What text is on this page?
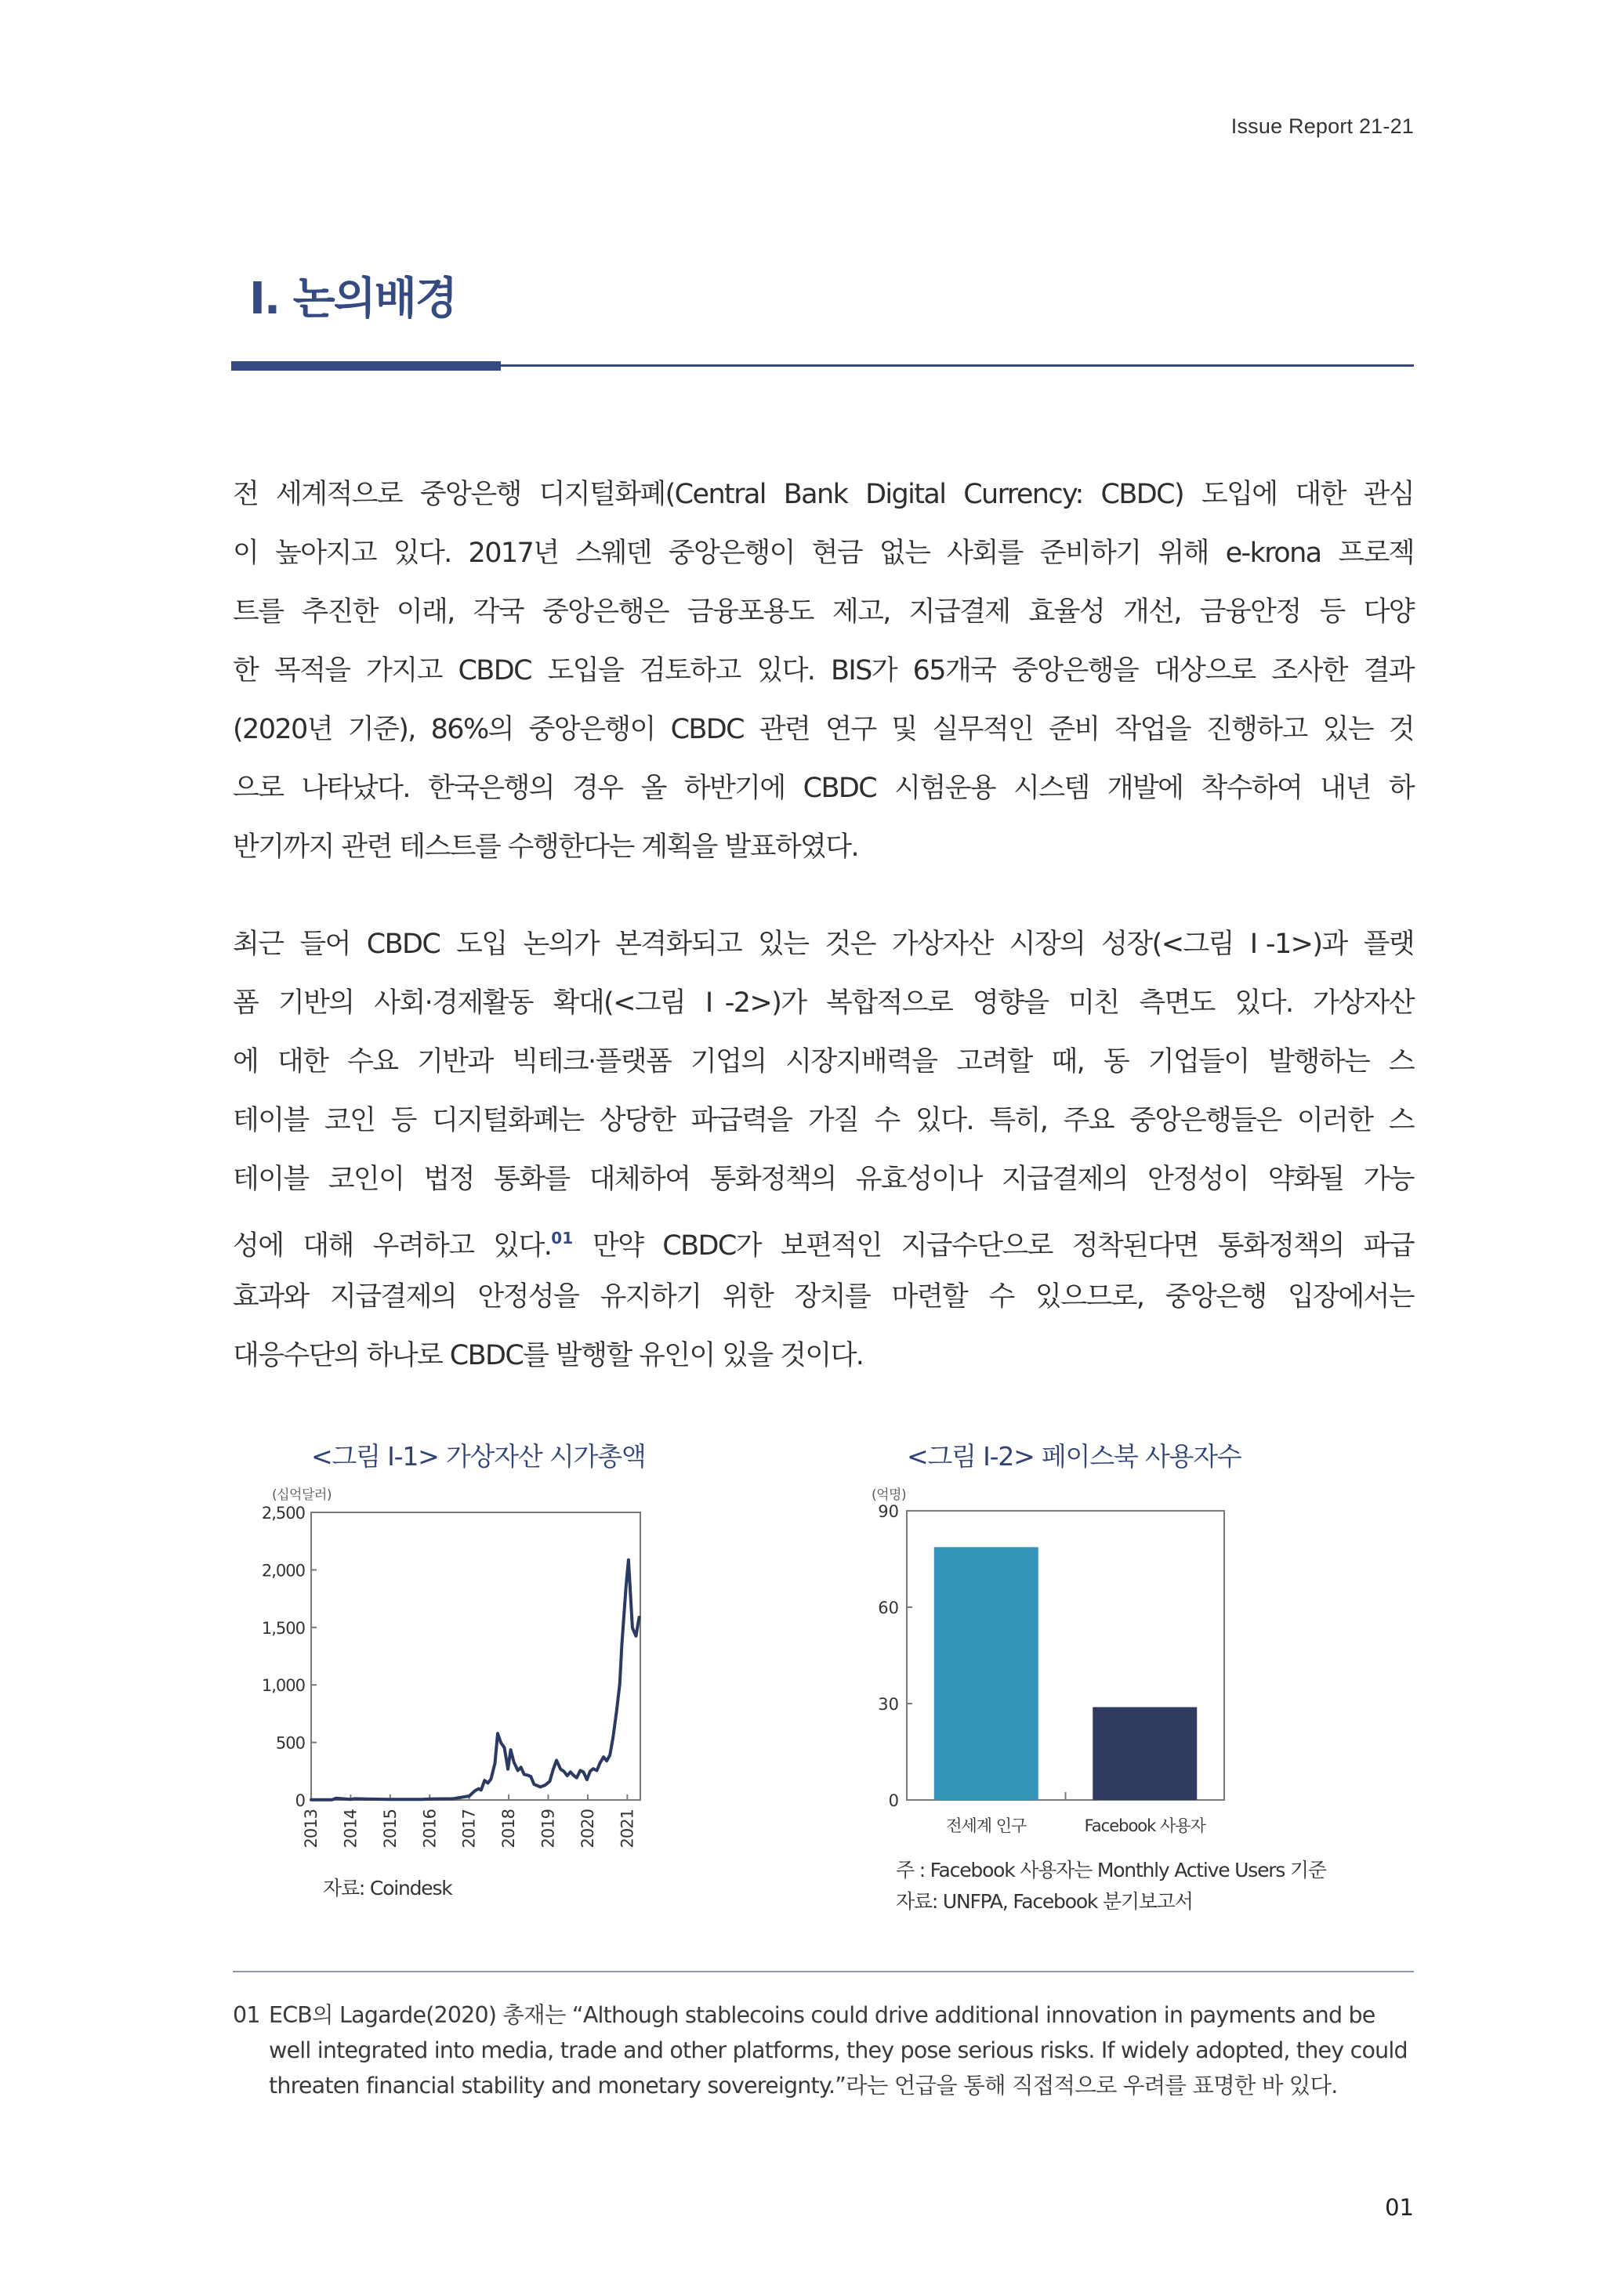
Issue Report 21-21
Ⅰ. 논의배경
전 세계적으로 중앙은행 디지털화폐(Central Bank Digital Currency: CBDC) 도입에 대한 관심
이 높아지고 있다. 2017년 스웨덴 중앙은행이 현금 없는 사회를 준비하기 위해 e-krona 프로젝
트를 추진한 이래, 각국 중앙은행은 금융포용도 제고, 지급결제 효율성 개선, 금융안정 등 다양
한 목적을 가지고 CBDC 도입을 검토하고 있다. BIS가 65개국 중앙은행을 대상으로 조사한 결과
(2020년 기준), 86%의 중앙은행이 CBDC 관련 연구 및 실무적인 준비 작업을 진행하고 있는 것
으로 나타났다. 한국은행의 경우 올 하반기에 CBDC 시험운용 시스템 개발에 착수하여 내년 하
반기까지 관련 테스트를 수행한다는 계획을 발표하였다.
최근 들어 CBDC 도입 논의가 본격화되고 있는 것은 가상자산 시장의 성장(<그림 Ⅰ-1>)과 플랫
폼 기반의 사회·경제활동 확대(<그림 Ⅰ-2>)가 복합적으로 영향을 미친 측면도 있다. 가상자산
에 대한 수요 기반과 빅테크·플랫폼 기업의 시장지배력을 고려할 때, 동 기업들이 발행하는 스
테이블 코인 등 디지털화폐는 상당한 파급력을 가질 수 있다. 특히, 주요 중앙은행들은 이러한 스
테이블 코인이 법정 통화를 대체하여 통화정책의 유효성이나 지급결제의 안정성이 약화될 가능
성에 대해 우려하고 있다.$^{01}$ 만약 CBDC가 보편적인 지급수단으로 정착된다면 통화정책의 파급
효과와 지급결제의 안정성을 유지하기 위한 장치를 마련할 수 있으므로, 중앙은행 입장에서는
대응수단의 하나로 CBDC를 발행할 유인이 있을 것이다.
<그림 Ⅰ-1> 가상자산 시가총액
(십억달러)
0
500
1,000
1,500
2,000
2,500
2013 2014 2015 2016 2017 2018 2019 2020 2021
자료: Coindesk
<그림 Ⅰ-2> 페이스북 사용자수
(억명)
0
30
60
90
전세계 인구	Facebook 사용자
주 : Facebook 사용자는 Monthly Active Users 기준
자료: UNFPA, Facebook 분기보고서
01 ECB의 Lagarde(2020) 총재는 “Although stablecoins could drive additional innovation in payments and be
well integrated into media, trade and other platforms, they pose serious risks. If widely adopted, they could
threaten financial stability and monetary sovereignty.”라는 언급을 통해 직접적으로 우려를 표명한 바 있다.
01
